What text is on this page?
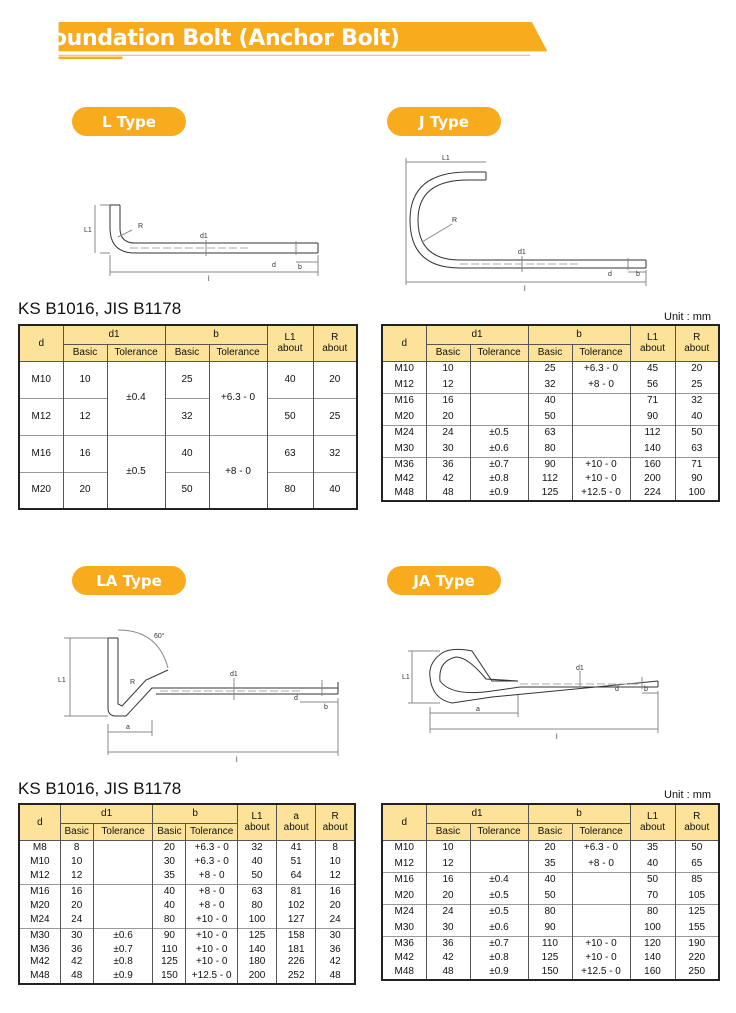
Foundation Bolt (Anchor Bolt)
L Type	J Type
LA Type	JA Type
L1
R
d1
d	b
l
L1
R
d1
d	b
l
60°
L1	R
d1
d
b
a
l
L1
d1
d	b
a
l
KS B1016, JIS B1178	Unit : mm
KS B1016, JIS B1178	Unit : mm
d	d1		b		L1
about	R
about
	Basic	Tolerance	Basic	Tolerance		
M10	10	±0.4	25	+6.3 - 0	40	20
M12	12		32		50	25
M16	16	±0.5	40	+8 - 0	63	32
M20	20		50		80	40
d	d1		b		L1
about	R
about
	Basic	Tolerance	Basic	Tolerance		
M10	10		25	+6.3 - 0	45	20
M12	12		32	+8 - 0	56	25
M16	16		40		71	32
M20	20		50		90	40
M24	24	±0.5	63		112	50
M30	30	±0.6	80		140	63
M36	36	±0.7	90	+10 - 0	160	71
M42	42	±0.8	112	+10 - 0	200	90
M48	48	±0.9	125	+12.5 - 0	224	100
d	d1		b		L1
about	a
about	R
about
	Basic	Tolerance	Basic	Tolerance			
M8	8		20	+6.3 - 0	32	41	8
M10	10		30	+6.3 - 0	40	51	10
M12	12		35	+8 - 0	50	64	12
M16	16		40	+8 - 0	63	81	16
M20	20		40	+8 - 0	80	102	20
M24	24		80	+10 - 0	100	127	24
M30	30	±0.6	90	+10 - 0	125	158	30
M36	36	±0.7	110	+10 - 0	140	181	36
M42	42	±0.8	125	+10 - 0	180	226	42
M48	48	±0.9	150	+12.5 - 0	200	252	48
d	d1		b		L1
about	R
about
	Basic	Tolerance	Basic	Tolerance		
M10	10		20	+6.3 - 0	35	50
M12	12		35	+8 - 0	40	65
M16	16	±0.4	40		50	85
M20	20	±0.5	50		70	105
M24	24	±0.5	80		80	125
M30	30	±0.6	90		100	155
M36	36	±0.7	110	+10 - 0	120	190
M42	42	±0.8	125	+10 - 0	140	220
M48	48	±0.9	150	+12.5 - 0	160	250
